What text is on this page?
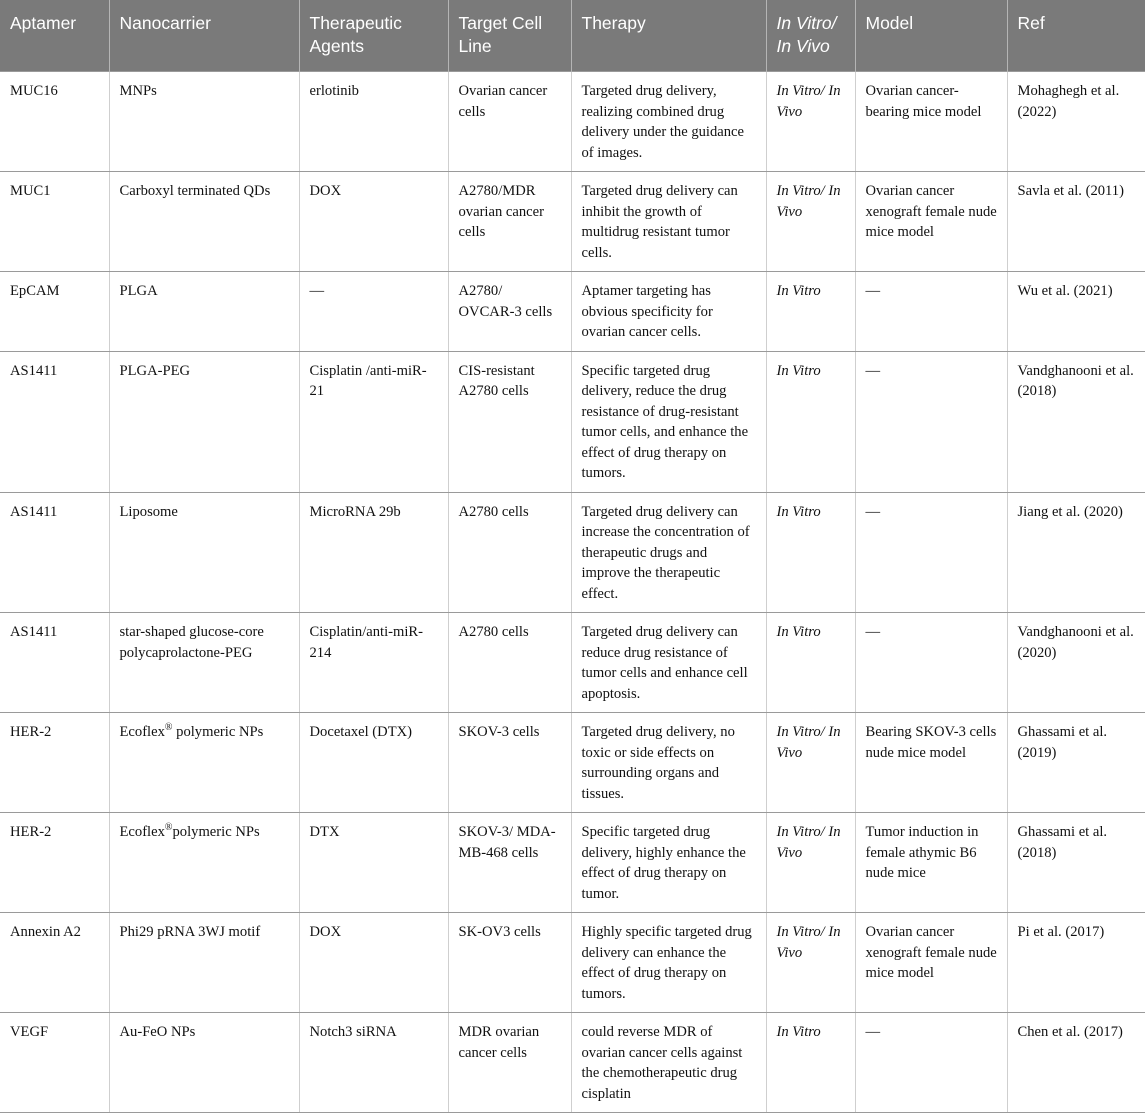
Aptamer	Nanocarrier	Therapeutic Agents	Target Cell Line	Therapy	In Vitro/ In Vivo	Model	Ref
MUC16	MNPs	erlotinib	Ovarian cancer cells	Targeted drug delivery, realizing combined drug delivery under the guidance of images.	In Vitro/ In Vivo	Ovarian cancer-bearing mice model	Mohaghegh et al. (2022)
MUC1	Carboxyl terminated QDs	DOX	A2780/MDR ovarian cancer cells	Targeted drug delivery can inhibit the growth of multidrug resistant tumor cells.	In Vitro/ In Vivo	Ovarian cancer xenograft female nude mice model	Savla et al. (2011)
EpCAM	PLGA	—	A2780/ OVCAR-3 cells	Aptamer targeting has obvious specificity for ovarian cancer cells.	In Vitro	—	Wu et al. (2021)
AS1411	PLGA-PEG	Cisplatin /anti-miR-21	CIS-resistant A2780 cells	Specific targeted drug delivery, reduce the drug resistance of drug-resistant tumor cells, and enhance the effect of drug therapy on tumors.	In Vitro	—	Vandghanooni et al. (2018)
AS1411	Liposome	MicroRNA 29b	A2780 cells	Targeted drug delivery can increase the concentration of therapeutic drugs and improve the therapeutic effect.	In Vitro	—	Jiang et al. (2020)
AS1411	star-shaped glucose-core polycaprolactone-PEG	Cisplatin/anti-miR-214	A2780 cells	Targeted drug delivery can reduce drug resistance of tumor cells and enhance cell apoptosis.	In Vitro	—	Vandghanooni et al. (2020)
HER-2	Ecoflex® polymeric NPs	Docetaxel (DTX)	SKOV-3 cells	Targeted drug delivery, no toxic or side effects on surrounding organs and tissues.	In Vitro/ In Vivo	Bearing SKOV-3 cells nude mice model	Ghassami et al. (2019)
HER-2	Ecoflex®polymeric NPs	DTX	SKOV-3/ MDA-MB-468 cells	Specific targeted drug delivery, highly enhance the effect of drug therapy on tumor.	In Vitro/ In Vivo	Tumor induction in female athymic B6 nude mice	Ghassami et al. (2018)
Annexin A2	Phi29 pRNA 3WJ motif	DOX	SK-OV3 cells	Highly specific targeted drug delivery can enhance the effect of drug therapy on tumors.	In Vitro/ In Vivo	Ovarian cancer xenograft female nude mice model	Pi et al. (2017)
VEGF	Au-FeO NPs	Notch3 siRNA	MDR ovarian cancer cells	could reverse MDR of ovarian cancer cells against the chemotherapeutic drug cisplatin	In Vitro	—	Chen et al. (2017)
